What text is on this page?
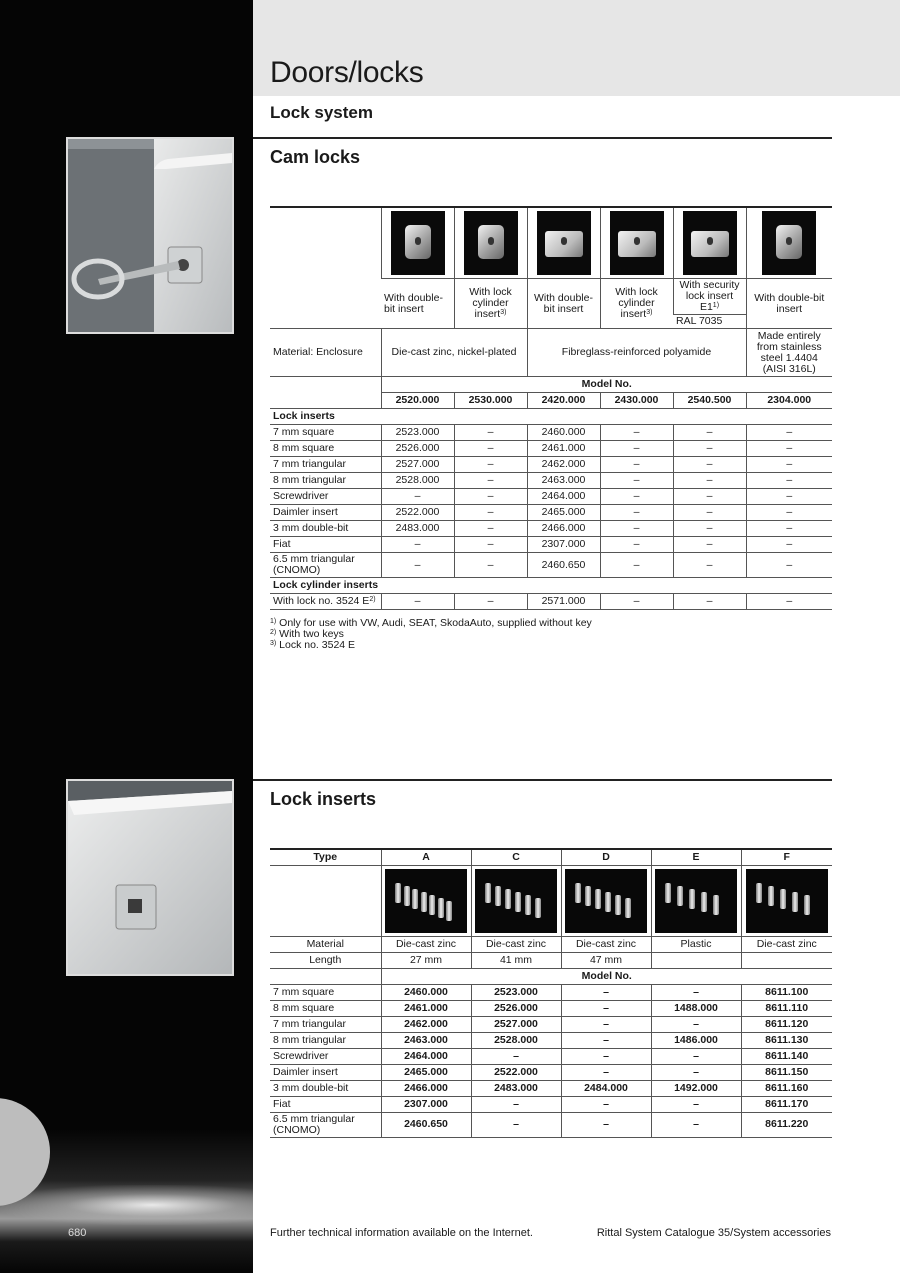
680
Doors/locks
Lock system
Cam locks

	With double-bit insert	With lock cylinder insert$^{3)}$	With double-bit insert	With lock cylinder insert$^{3)}$	With security lock insert E1$^{1)}$	With double-bit insert
					RAL 7035	
Material: Enclosure	Die-cast zinc, nickel-plated		Fibreglass-reinforced polyamide			Made entirely from stainless steel 1.4404 (AISI 316L)
	Model No.					
	2520.000	2530.000	2420.000	2430.000	2540.500	2304.000
Lock inserts						
7 mm square	2523.000	–	2460.000	–	–	–
8 mm square	2526.000	–	2461.000	–	–	–
7 mm triangular	2527.000	–	2462.000	–	–	–
8 mm triangular	2528.000	–	2463.000	–	–	–
Screwdriver	–	–	2464.000	–	–	–
Daimler insert	2522.000	–	2465.000	–	–	–
3 mm double-bit	2483.000	–	2466.000	–	–	–
Fiat	–	–	2307.000	–	–	–
6.5 mm triangular (CNOMO)	–	–	2460.650	–	–	–
Lock cylinder inserts						
With lock no. 3524 $E^{2)}$	–	–	2571.000	–	–	–
$^{1)}$ Only for use with VW, Audi, SEAT, SkodaAuto, supplied without key
$^{2)}$ With two keys
$^{3)}$ Lock no. 3524 E
Lock inserts
Type	A	C	D	E	F

Material	Die-cast zinc	Die-cast zinc	Die-cast zinc	Plastic	Die-cast zinc
Length	27 mm	41 mm	47 mm		
	Model No.				
7 mm square	2460.000	2523.000	–	–	8611.100
8 mm square	2461.000	2526.000	–	1488.000	8611.110
7 mm triangular	2462.000	2527.000	–	–	8611.120
8 mm triangular	2463.000	2528.000	–	1486.000	8611.130
Screwdriver	2464.000	–	–	–	8611.140
Daimler insert	2465.000	2522.000	–	–	8611.150
3 mm double-bit	2466.000	2483.000	2484.000	1492.000	8611.160
Fiat	2307.000	–	–	–	8611.170
6.5 mm triangular (CNOMO)	2460.650	–	–	–	8611.220
Further technical information available on the Internet.	Rittal System Catalogue 35/System accessories
